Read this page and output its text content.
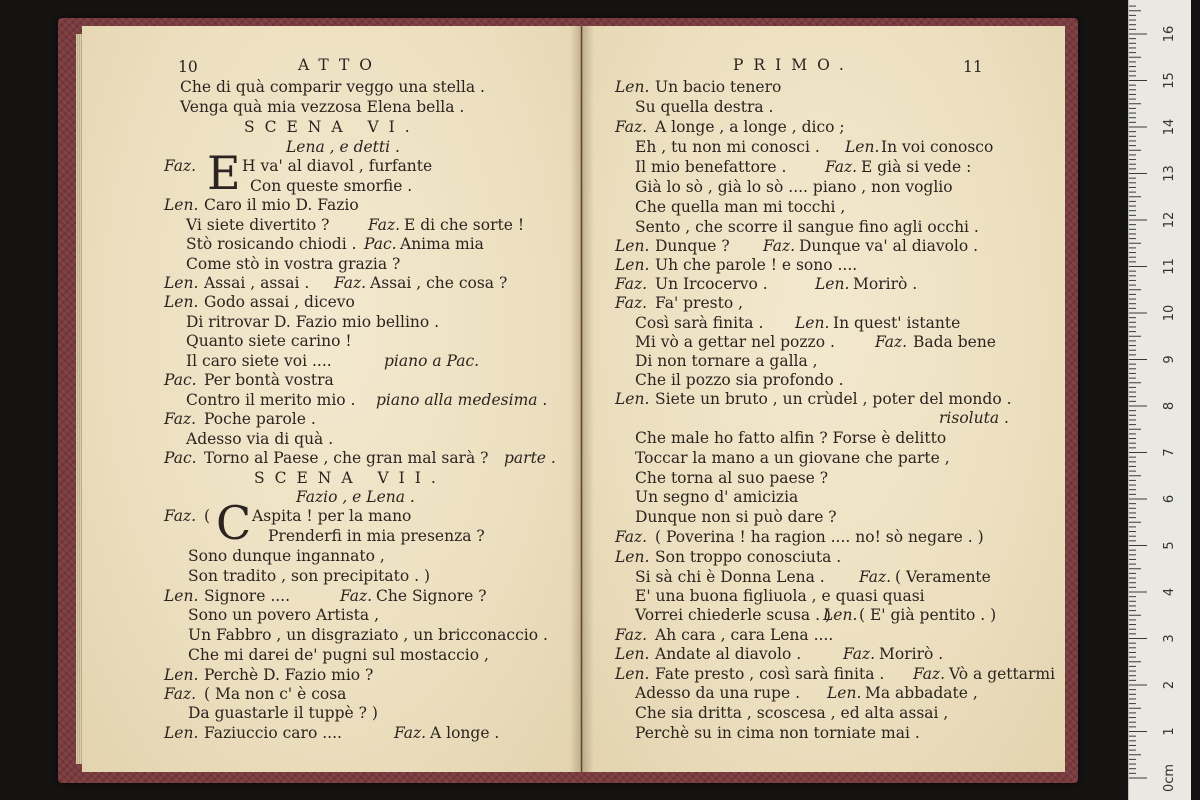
10	ATTO
Che di quà comparir veggo una stella .
Venga quà mia vezzosa Elena bella .
SCENA VI.
Lena , e detti .
Faz. E H va' al diavol , furfante
Con queste smorfie .
Len. Caro il mio D. Fazio
Vi siete divertito ? Faz. E di che sorte !
Stò rosicando chiodi . Pac. Anima mia
Come stò in vostra grazia ?
Len. Assai , assai . Faz. Assai , che cosa ?
Len. Godo assai , dicevo
Di ritrovar D. Fazio mio bellino .
Quanto siete carino !
Il caro siete voi ....	piano a Pac.
Pac. Per bontà vostra
Contro il merito mio . piano alla medesima .
Faz. Poche parole .
Adesso via di quà .
Pac. Torno al Paese , che gran mal sarà ? parte .
SCENA VII.
Fazio , e Lena .
Faz. ( C Aspita ! per la mano
Prenderfi in mia presenza ?
Sono dunque ingannato ,
Son tradito , son precipitato . )
Len. Signore ....	Faz. Che Signore ?
Sono un povero Artista ,
Un Fabbro , un disgraziato , un bricconaccio .
Che mi darei de' pugni sul mostaccio ,
Len. Perchè D. Fazio mio ?
Faz. ( Ma non c' è cosa
Da guastarle il tuppè ? )
Len. Faziuccio caro ....	Faz. A longe .
PRIMO.	11
Len. Un bacio tenero
Su quella destra .
Faz. A longe , a longe , dico ;
Eh , tu non mi conosci . Len. In voi conosco
Il mio benefattore . Faz. E già si vede :
Già lo sò , già lo sò .... piano , non voglio
Che quella man mi tocchi ,
Sento , che scorre il sangue fino agli occhi .
Len. Dunque ? Faz. Dunque va' al diavolo .
Len. Uh che parole ! e sono ....
Faz. Un Ircocervo .	Len. Morirò .
Faz. Fa' presto ,
Così sarà finita . Len. In quest' istante
Mi vò a gettar nel pozzo .	Faz. Bada bene
Di non tornare a galla ,
Che il pozzo sia profondo .
Len. Siete un bruto , un crùdel , poter del mondo .
risoluta .
Che male ho fatto alfin ? Forse è delitto
Toccar la mano a un giovane che parte ,
Che torna al suo paese ?
Un segno d' amicizia
Dunque non si può dare ?
Faz. ( Poverina ! ha ragion .... no! sò negare . )
Len. Son troppo conosciuta .
Si sà chi è Donna Lena . Faz. ( Veramente
E' una buona figliuola , e quasi quasi
Vorrei chiederle scusa . )
Len. ( E' già pentito . )
Faz. Ah cara , cara Lena ....
Len. Andate al diavolo .	Faz. Morirò .
Len. Fate presto , così sarà finita . Faz. Vò a gettarmi
Adesso da una rupe . Len. Ma abbadate ,
Che sia dritta , scoscesa , ed alta assai ,
Perchè su in cima non torniate mai .
0cm
1
2
3
4
5
6
7
8
9
10
11
12
13
14
15
16
